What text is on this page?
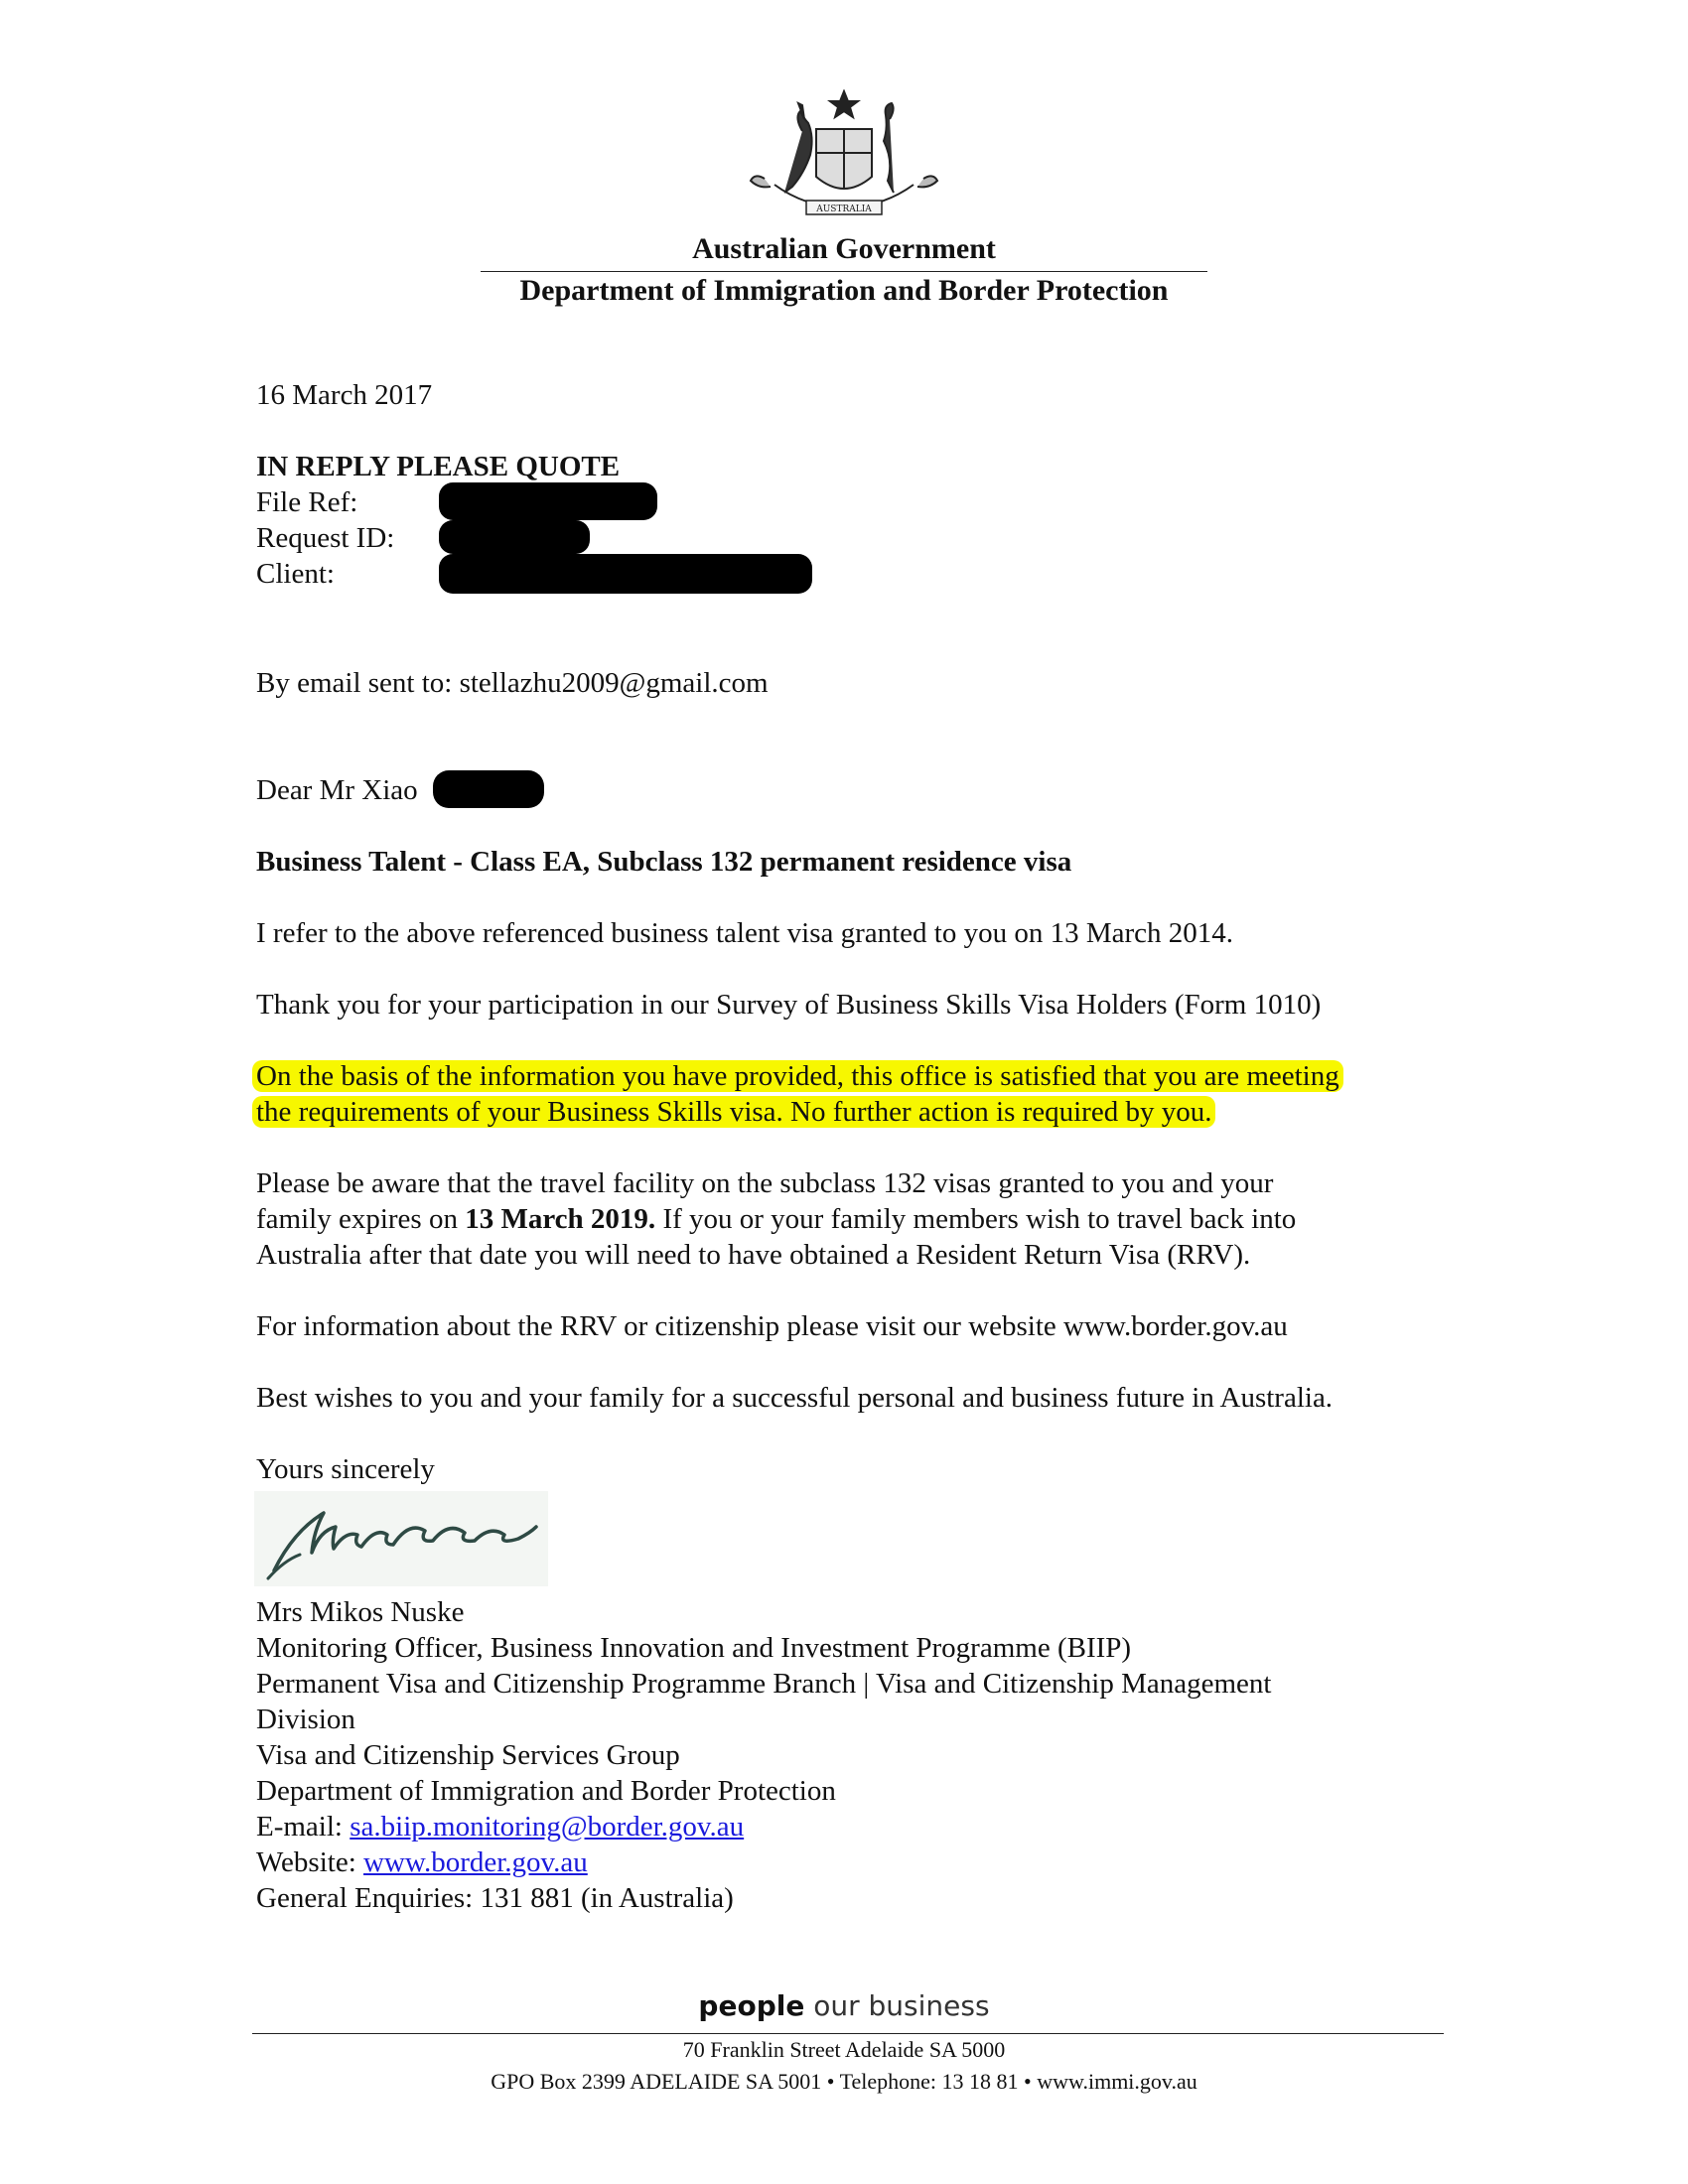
AUSTRALIA
Australian Government
Department of Immigration and Border Protection
16 March 2017
IN REPLY PLEASE QUOTE
File Ref:
Request ID:
Client:
By email sent to: stellazhu2009@gmail.com
Dear Mr Xiao
Business Talent - Class EA, Subclass 132 permanent residence visa
I refer to the above referenced business talent visa granted to you on 13 March 2014.
Thank you for your participation in our Survey of Business Skills Visa Holders (Form 1010)
On the basis of the information you have provided, this office is satisfied that you are meeting
the requirements of your Business Skills visa. No further action is required by you.
Please be aware that the travel facility on the subclass 132 visas granted to you and your
family expires on 13 March 2019. If you or your family members wish to travel back into
Australia after that date you will need to have obtained a Resident Return Visa (RRV).
For information about the RRV or citizenship please visit our website www.border.gov.au
Best wishes to you and your family for a successful personal and business future in Australia.
Yours sincerely
Mrs Mikos Nuske
Monitoring Officer, Business Innovation and Investment Programme (BIIP)
Permanent Visa and Citizenship Programme Branch | Visa and Citizenship Management
Division
Visa and Citizenship Services Group
Department of Immigration and Border Protection
E-mail: sa.biip.monitoring@border.gov.au
Website: www.border.gov.au
General Enquiries: 131 881 (in Australia)
people our business
70 Franklin Street Adelaide SA 5000
GPO Box 2399 ADELAIDE SA 5001 • Telephone: 13 18 81 • www.immi.gov.au
